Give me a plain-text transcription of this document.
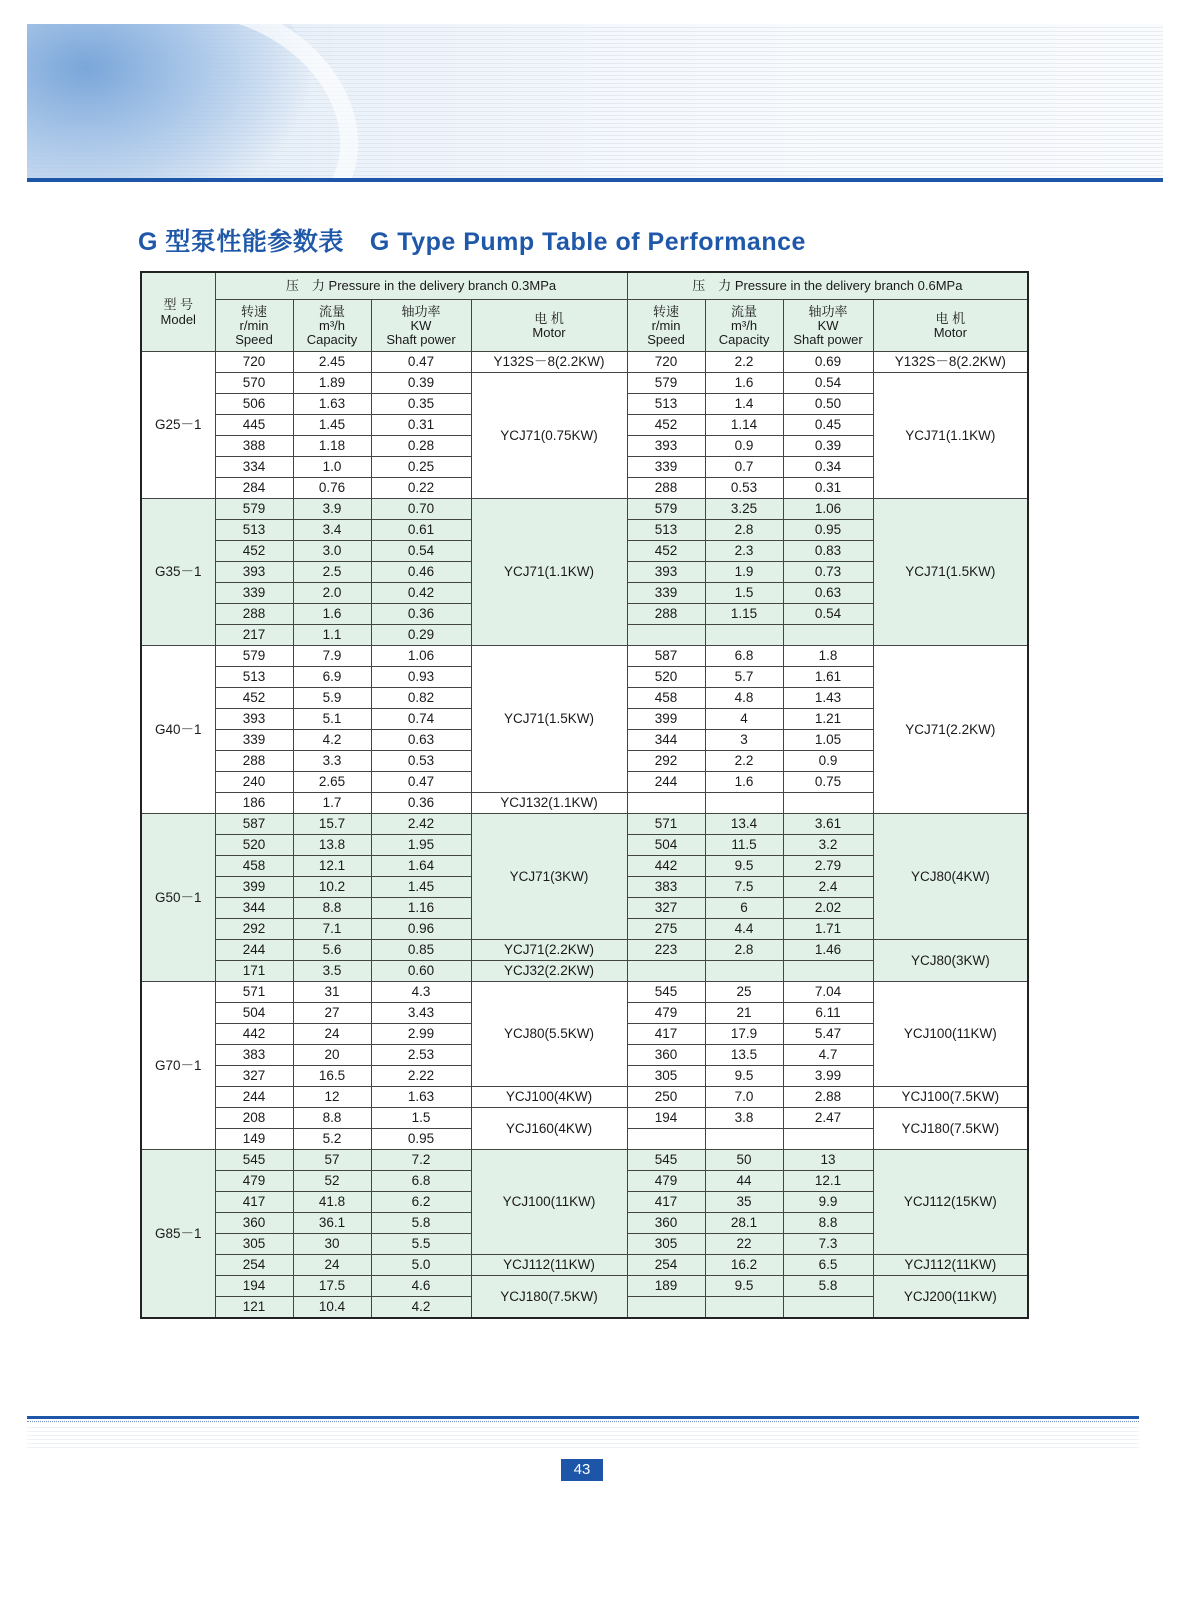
G 型泵性能参数表 G Type Pump Table of Performance
型 号
Model	压　力 Pressure in the delivery branch 0.3MPa				压　力 Pressure in the delivery branch 0.6MPa			

	转速
r/min
Speed	流量
m³/h
Capacity	轴功率
KW
Shaft power	电 机
Motor	转速
r/min
Speed	流量
m³/h
Capacity	轴功率
KW
Shaft power	电 机
Motor

G25－1	720	2.45	0.47	Y132S－8(2.2KW)	720	2.2	0.69	Y132S－8(2.2KW)
	570	1.89	0.39	YCJ71(0.75KW)	579	1.6	0.54	YCJ71(1.1KW)
	506	1.63	0.35		513	1.4	0.50	
	445	1.45	0.31		452	1.14	0.45	
	388	1.18	0.28		393	0.9	0.39	
	334	1.0	0.25		339	0.7	0.34	
	284	0.76	0.22		288	0.53	0.31	
G35－1	579	3.9	0.70	YCJ71(1.1KW)	579	3.25	1.06	YCJ71(1.5KW)
	513	3.4	0.61		513	2.8	0.95	
	452	3.0	0.54		452	2.3	0.83	
	393	2.5	0.46		393	1.9	0.73	
	339	2.0	0.42		339	1.5	0.63	
	288	1.6	0.36		288	1.15	0.54	
	217	1.1	0.29					
G40－1	579	7.9	1.06	YCJ71(1.5KW)	587	6.8	1.8	YCJ71(2.2KW)
	513	6.9	0.93		520	5.7	1.61	
	452	5.9	0.82		458	4.8	1.43	
	393	5.1	0.74		399	4	1.21	
	339	4.2	0.63		344	3	1.05	
	288	3.3	0.53		292	2.2	0.9	
	240	2.65	0.47		244	1.6	0.75	
	186	1.7	0.36	YCJ132(1.1KW)				
G50－1	587	15.7	2.42	YCJ71(3KW)	571	13.4	3.61	YCJ80(4KW)
	520	13.8	1.95		504	11.5	3.2	
	458	12.1	1.64		442	9.5	2.79	
	399	10.2	1.45		383	7.5	2.4	
	344	8.8	1.16		327	6	2.02	
	292	7.1	0.96		275	4.4	1.71	
	244	5.6	0.85	YCJ71(2.2KW)	223	2.8	1.46	YCJ80(3KW)
	171	3.5	0.60	YCJ32(2.2KW)				
G70－1	571	31	4.3	YCJ80(5.5KW)	545	25	7.04	YCJ100(11KW)
	504	27	3.43		479	21	6.11	
	442	24	2.99		417	17.9	5.47	
	383	20	2.53		360	13.5	4.7	
	327	16.5	2.22		305	9.5	3.99	
	244	12	1.63	YCJ100(4KW)	250	7.0	2.88	YCJ100(7.5KW)
	208	8.8	1.5	YCJ160(4KW)	194	3.8	2.47	YCJ180(7.5KW)
	149	5.2	0.95					
G85－1	545	57	7.2	YCJ100(11KW)	545	50	13	YCJ112(15KW)
	479	52	6.8		479	44	12.1	
	417	41.8	6.2		417	35	9.9	
	360	36.1	5.8		360	28.1	8.8	
	305	30	5.5		305	22	7.3	
	254	24	5.0	YCJ112(11KW)	254	16.2	6.5	YCJ112(11KW)
	194	17.5	4.6	YCJ180(7.5KW)	189	9.5	5.8	YCJ200(11KW)
	121	10.4	4.2					
43
